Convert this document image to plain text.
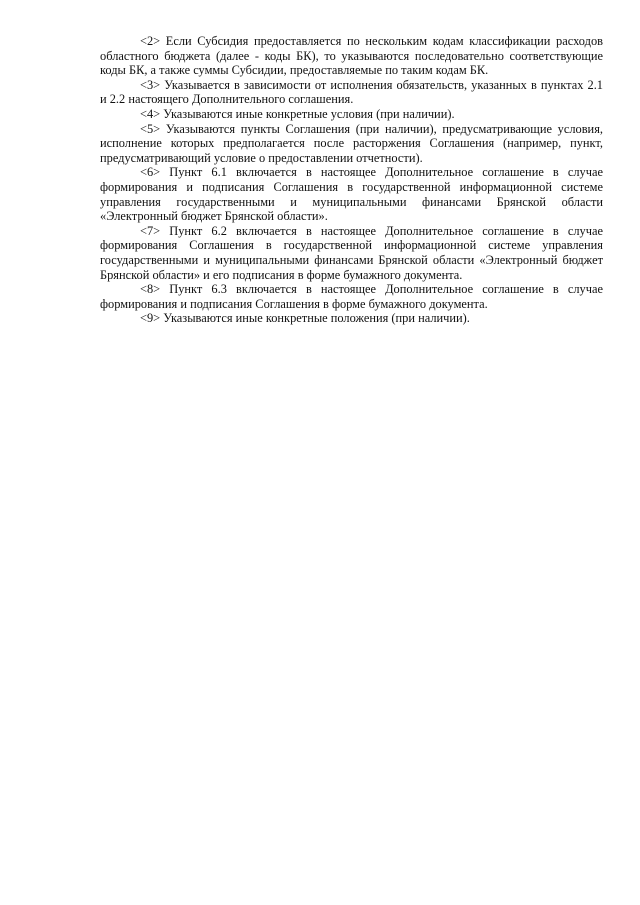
<2> Если Субсидия предоставляется по нескольким кодам классификации расходов областного бюджета (далее - коды БК), то указываются последовательно соответствующие коды БК, а также суммы Субсидии, предоставляемые по таким кодам БК.

<3> Указывается в зависимости от исполнения обязательств, указанных в пунктах 2.1 и 2.2 настоящего Дополнительного соглашения.

<4> Указываются иные конкретные условия (при наличии).

<5> Указываются пункты Соглашения (при наличии), предусматривающие условия, исполнение которых предполагается после расторжения Соглашения (например, пункт, предусматривающий условие о предоставлении отчетности).

<6> Пункт 6.1 включается в настоящее Дополнительное соглашение в случае формирования и подписания Соглашения в государственной информационной системе управления государственными и муниципальными финансами Брянской области «Электронный бюджет Брянской области».

<7> Пункт 6.2 включается в настоящее Дополнительное соглашение в случае формирования Соглашения в государственной информационной системе управления государственными и муниципальными финансами Брянской области «Электронный бюджет Брянской области» и его подписания в форме бумажного документа.

<8> Пункт 6.3 включается в настоящее Дополнительное соглашение в случае формирования и подписания Соглашения в форме бумажного документа.

<9> Указываются иные конкретные положения (при наличии).
